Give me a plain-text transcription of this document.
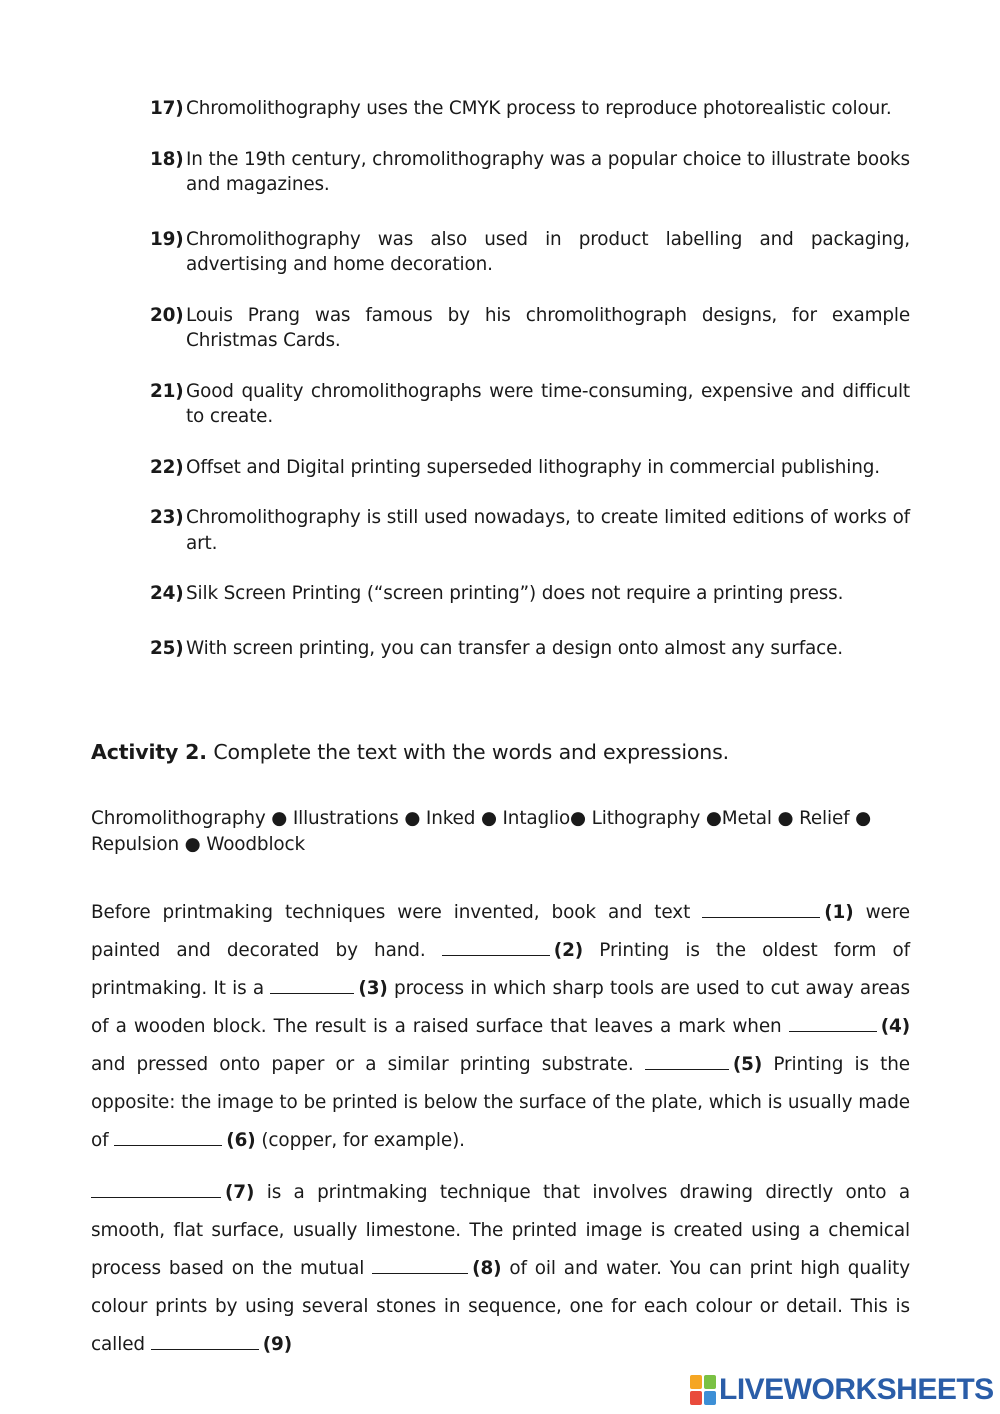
17) Chromolithography uses the CMYK process to reproduce photorealistic colour.
18) In the 19th century, chromolithography was a popular choice to illustrate books and magazines.
19) Chromolithography was also used in product labelling and packaging, advertising and home decoration.
20) Louis Prang was famous by his chromolithograph designs, for example Christmas Cards.
21) Good quality chromolithographs were time-consuming, expensive and difficult to create.
22) Offset and Digital printing superseded lithography in commercial publishing.
23) Chromolithography is still used nowadays, to create limited editions of works of art.
24) Silk Screen Printing (“screen printing”) does not require a printing press.
25) With screen printing, you can transfer a design onto almost any surface.
Activity 2. Complete the text with the words and expressions.
Chromolithography ● Illustrations ● Inked ● Intaglio● Lithography ●Metal ● Relief ● Repulsion ● Woodblock
Before printmaking techniques were invented, book and text	(1) were painted and decorated by hand.	(2) Printing is the oldest form of printmaking. It is a	(3) process in which sharp tools are used to cut away areas of a wooden block. The result is a raised surface that leaves a mark when	(4) and pressed onto paper or a similar printing substrate.	(5) Printing is the opposite: the image to be printed is below the surface of the plate, which is usually made of	(6) (copper, for example).
(7) is a printmaking technique that involves drawing directly onto a smooth, flat surface, usually limestone. The printed image is created using a chemical process based on the mutual	(8) of oil and water. You can print high quality colour prints by using several stones in sequence, one for each colour or detail. This is called	(9)
LIVEWORKSHEETS
